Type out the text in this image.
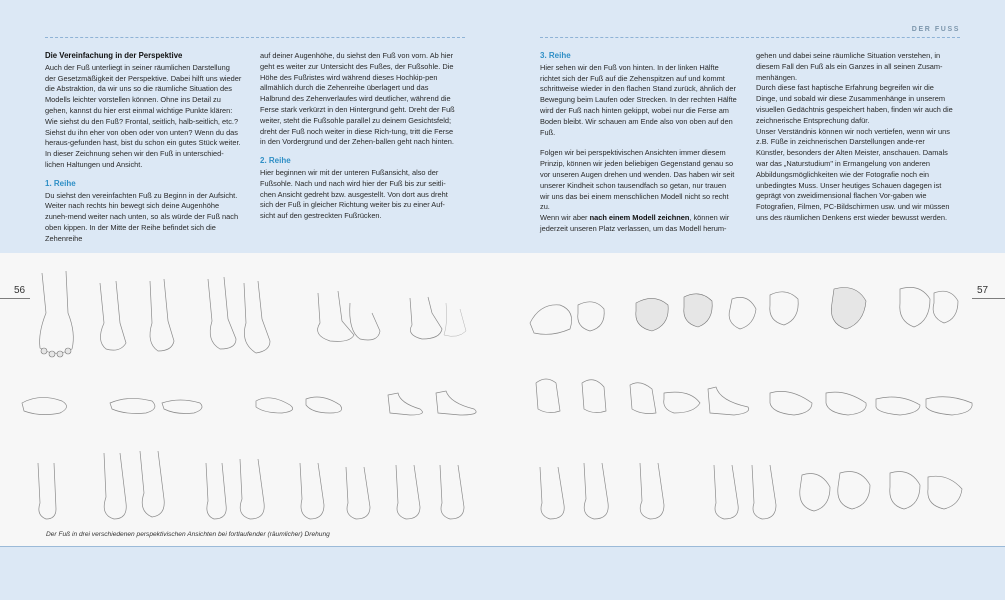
DER FUSS

Die Vereinfachung in der Perspektive

Auch der Fuß unterliegt in seiner räumlichen Darstellung der Gesetzmäßigkeit der Perspektive. Dabei hilft uns wieder die Abstraktion, da wir uns so die räumliche Situation des Modells leichter vorstellen können. Ohne ins Detail zu gehen, kannst du hier erst einmal wichtige Punkte klären: Wie siehst du den Fuß? Frontal, seitlich, halb-seitlich, etc.? Siehst du ihn eher von oben oder von unten? Wenn du das heraus-gefunden hast, bist du schon ein gutes Stück weiter.

In dieser Zeichnung sehen wir den Fuß in unterschied-lichen Haltungen und Ansicht.

1. Reihe

Du siehst den vereinfachten Fuß zu Beginn in der Aufsicht. Weiter nach rechts hin bewegt sich deine Augenhöhe zuneh-mend weiter nach unten, so als würde der Fuß nach oben kippen. In der Mitte der Reihe befindet sich die Zehenreihe

auf deiner Augenhöhe, du siehst den Fuß von vorn. Ab hier geht es weiter zur Untersicht des Fußes, der Fußsohle. Die Höhe des Fußristes wird während dieses Hochkip-pen allmählich durch die Zehenreihe überlagert und das Halbrund des Zehenverlaufes wird deutlicher, während die Ferse stark verkürzt in den Hintergrund geht. Dreht der Fuß weiter, steht die Fußsohle parallel zu deinem Gesichtsfeld; dreht der Fuß noch weiter in diese Rich-tung, tritt die Ferse in den Vordergrund und der Zehen-ballen geht nach hinten.

2. Reihe

Hier beginnen wir mit der unteren Fußansicht, also der Fußsohle. Nach und nach wird hier der Fuß bis zur seitli-chen Ansicht gedreht bzw. ausgestellt. Von dort aus dreht sich der Fuß in gleicher Richtung weiter bis zu einer Auf-sicht auf den gestreckten Fußrücken.

3. Reihe

Hier sehen wir den Fuß von hinten. In der linken Hälfte richtet sich der Fuß auf die Zehenspitzen auf und kommt schrittweise wieder in den flachen Stand zurück, ähnlich der Bewegung beim Laufen oder Strecken. In der rechten Hälfte wird der Fuß nach hinten gekippt, wobei nur die Ferse am Boden bleibt. Wir schauen am Ende also von oben auf den Fuß.

Folgen wir bei perspektivischen Ansichten immer diesem Prinzip, können wir jeden beliebigen Gegenstand genau so vor unseren Augen drehen und wenden. Das haben wir seit unserer Kindheit schon tausendfach so getan, nur trauen wir uns das bei einem menschlichen Modell nicht so recht zu.

Wenn wir aber nach einem Modell zeichnen, können wir jederzeit unseren Platz verlassen, um das Modell herum-

gehen und dabei seine räumliche Situation verstehen, in diesem Fall den Fuß als ein Ganzes in all seinen Zusam-menhängen.

Durch diese fast haptische Erfahrung begreifen wir die Dinge, und sobald wir diese Zusammenhänge in unserem visuellen Gedächtnis gespeichert haben, finden wir auch die zeichnerische Entsprechung dafür.

Unser Verständnis können wir noch vertiefen, wenn wir uns z.B. Füße in zeichnerischen Darstellungen ande-rer Künstler, besonders der Alten Meister, anschauen. Damals war das „Naturstudium" in Ermangelung von anderen Abbildungsmöglichkeiten wie der Fotografie noch ein unbedingtes Muss. Unser heutiges Schauen dagegen ist geprägt von zweidimensional flachen Vor-gaben wie Fotografien, Filmen, PC-Bildschirmen usw. und wir müssen uns des räumlichen Denkens erst wieder bewusst werden.

56	57
Der Fuß in drei verschiedenen perspektivischen Ansichten bei fortlaufender (räumlicher) Drehung
